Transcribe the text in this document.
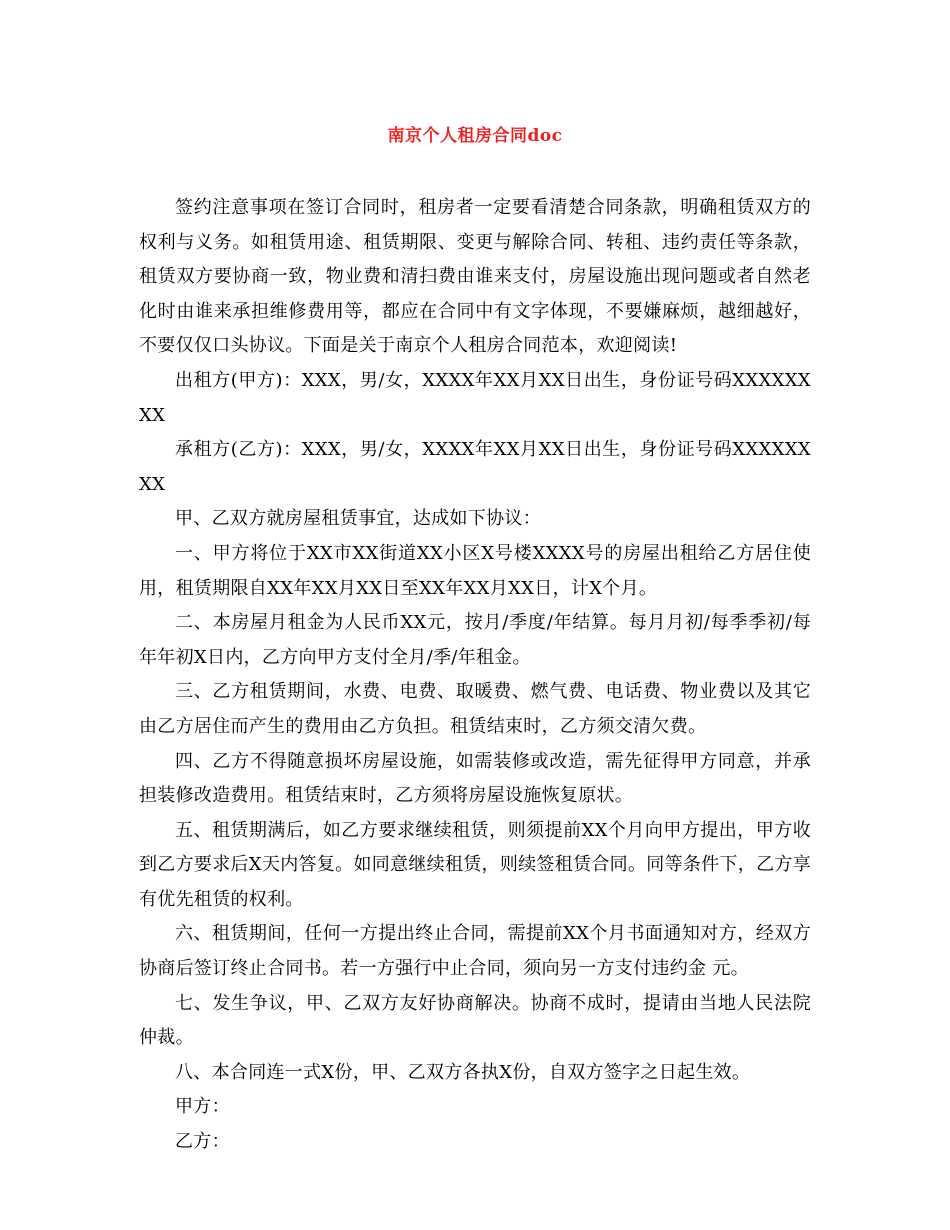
南京个人租房合同doc

签约注意事项在签订合同时，租房者一定要看清楚合同条款，明确租赁双方的权利与义务。如租赁用途、租赁期限、变更与解除合同、转租、违约责任等条款，租赁双方要协商一致，物业费和清扫费由谁来支付，房屋设施出现问题或者自然老化时由谁来承担维修费用等，都应在合同中有文字体现，不要嫌麻烦，越细越好，不要仅仅口头协议。下面是关于南京个人租房合同范本，欢迎阅读!

出租方(甲方)：XXX，男/女，XXXX年XX月XX日出生，身份证号码XXXXXXXX

承租方(乙方)：XXX，男/女，XXXX年XX月XX日出生，身份证号码XXXXXXXX

甲、乙双方就房屋租赁事宜，达成如下协议：

一、甲方将位于XX市XX街道XX小区X号楼XXXX号的房屋出租给乙方居住使用，租赁期限自XX年XX月XX日至XX年XX月XX日，计X个月。

二、本房屋月租金为人民币XX元，按月/季度/年结算。每月月初/每季季初/每年年初X日内，乙方向甲方支付全月/季/年租金。

三、乙方租赁期间，水费、电费、取暖费、燃气费、电话费、物业费以及其它由乙方居住而产生的费用由乙方负担。租赁结束时，乙方须交清欠费。

四、乙方不得随意损坏房屋设施，如需装修或改造，需先征得甲方同意，并承担装修改造费用。租赁结束时，乙方须将房屋设施恢复原状。

五、租赁期满后，如乙方要求继续租赁，则须提前XX个月向甲方提出，甲方收到乙方要求后X天内答复。如同意继续租赁，则续签租赁合同。同等条件下，乙方享有优先租赁的权利。

六、租赁期间，任何一方提出终止合同，需提前XX个月书面通知对方，经双方协商后签订终止合同书。若一方强行中止合同，须向另一方支付违约金 元。

七、发生争议，甲、乙双方友好协商解决。协商不成时，提请由当地人民法院仲裁。

八、本合同连一式X份，甲、乙双方各执X份，自双方签字之日起生效。

甲方：

乙方：
